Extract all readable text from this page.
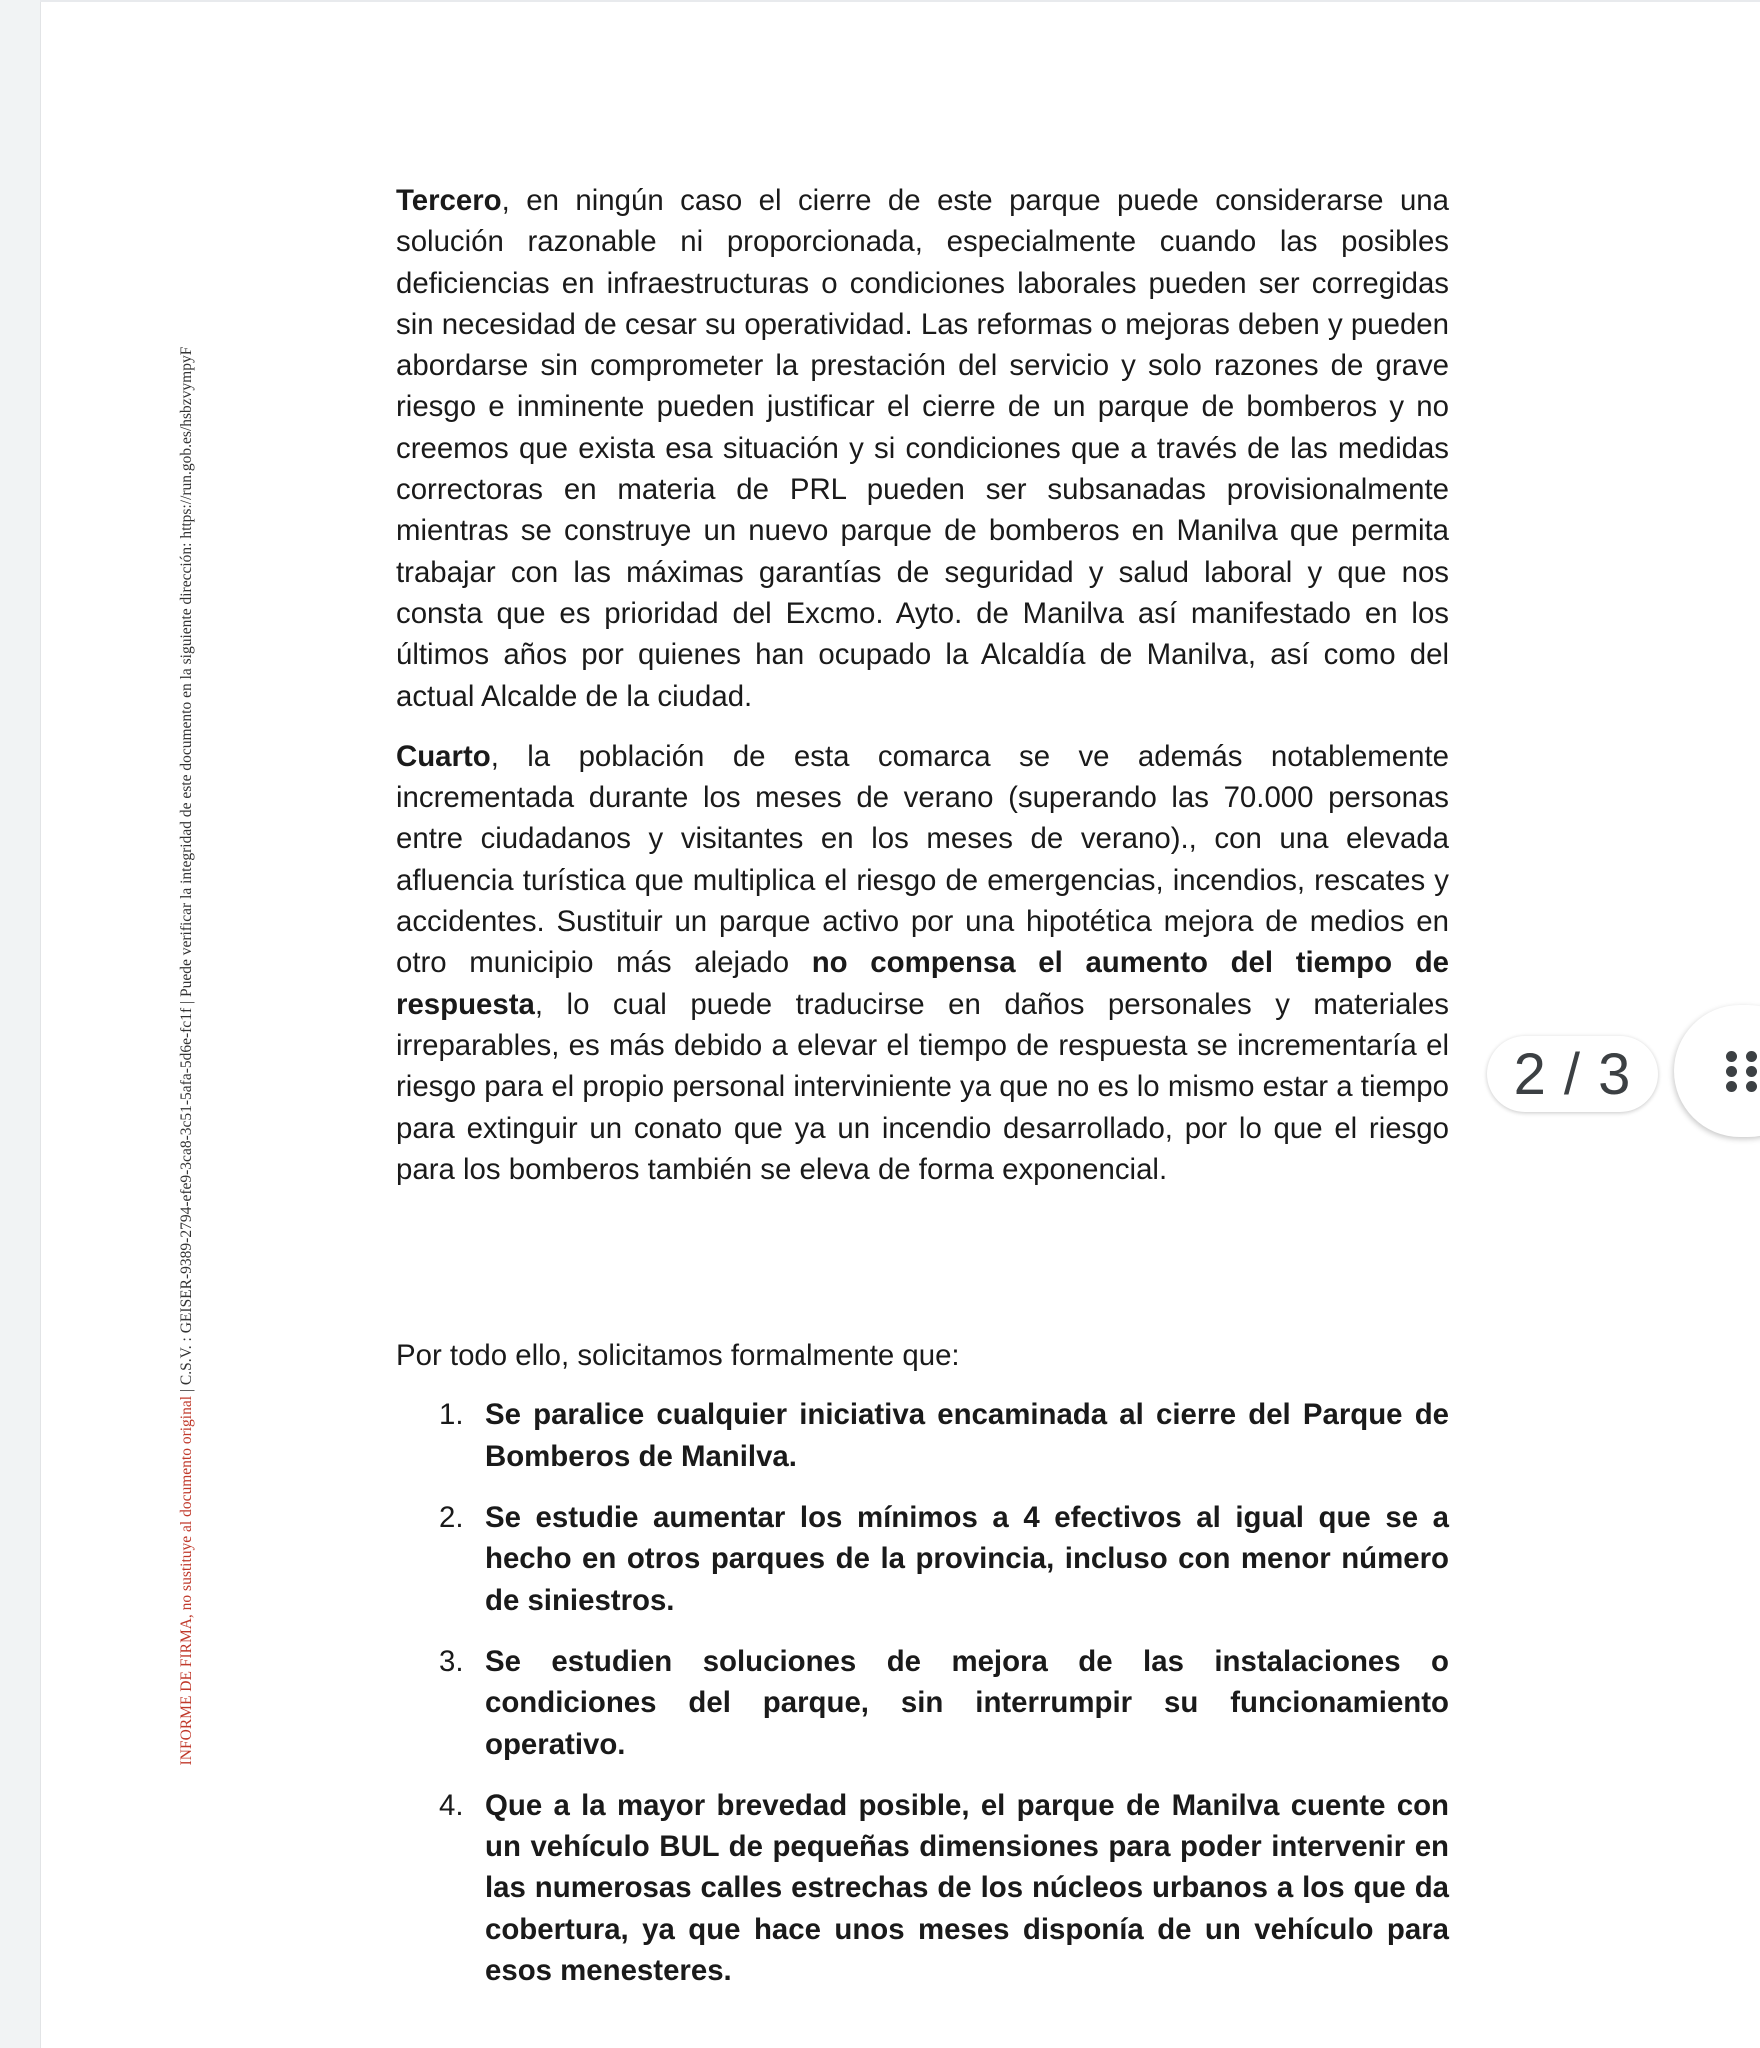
INFORME DE FIRMA, no sustituye al documento original | C.S.V. : GEISER-9389-2794-efe9-3ca8-3c51-5afa-5d6e-fc1f | Puede verificar la integridad de este documento en la siguiente dirección: https://run.gob.es/hsbzvympyF

Tercero, en ningún caso el cierre de este parque puede considerarse una solución razonable ni proporcionada, especialmente cuando las posibles deficiencias en infraestructuras o condiciones laborales pueden ser corregidas sin necesidad de cesar su operatividad. Las reformas o mejoras deben y pueden abordarse sin comprometer la prestación del servicio y solo razones de grave riesgo e inminente pueden justificar el cierre de un parque de bomberos y no creemos que exista esa situación y si condiciones que a través de las medidas correctoras en materia de PRL pueden ser subsanadas provisionalmente mientras se construye un nuevo parque de bomberos en Manilva que permita trabajar con las máximas garantías de seguridad y salud laboral y que nos consta que es prioridad del Excmo. Ayto. de Manilva así manifestado en los últimos años por quienes han ocupado la Alcaldía de Manilva, así como del actual Alcalde de la ciudad.

Cuarto, la población de esta comarca se ve además notablemente incrementada durante los meses de verano (superando las 70.000 personas entre ciudadanos y visitantes en los meses de verano)., con una elevada afluencia turística que multiplica el riesgo de emergencias, incendios, rescates y accidentes. Sustituir un parque activo por una hipotética mejora de medios en otro municipio más alejado no compensa el aumento del tiempo de respuesta, lo cual puede traducirse en daños personales y materiales irreparables, es más debido a elevar el tiempo de respuesta se incrementaría el riesgo para el propio personal interviniente ya que no es lo mismo estar a tiempo para extinguir un conato que ya un incendio desarrollado, por lo que el riesgo para los bomberos también se eleva de forma exponencial.

Por todo ello, solicitamos formalmente que:

1. Se paralice cualquier iniciativa encaminada al cierre del Parque de Bomberos de Manilva.
2. Se estudie aumentar los mínimos a 4 efectivos al igual que se a hecho en otros parques de la provincia, incluso con menor número de siniestros.
3. Se estudien soluciones de mejora de las instalaciones o condiciones del parque, sin interrumpir su funcionamiento operativo.
4. Que a la mayor brevedad posible, el parque de Manilva cuente con un vehículo BUL de pequeñas dimensiones para poder intervenir en las numerosas calles estrechas de los núcleos urbanos a los que da cobertura, ya que hace unos meses disponía de un vehículo para esos menesteres.
2 / 3
